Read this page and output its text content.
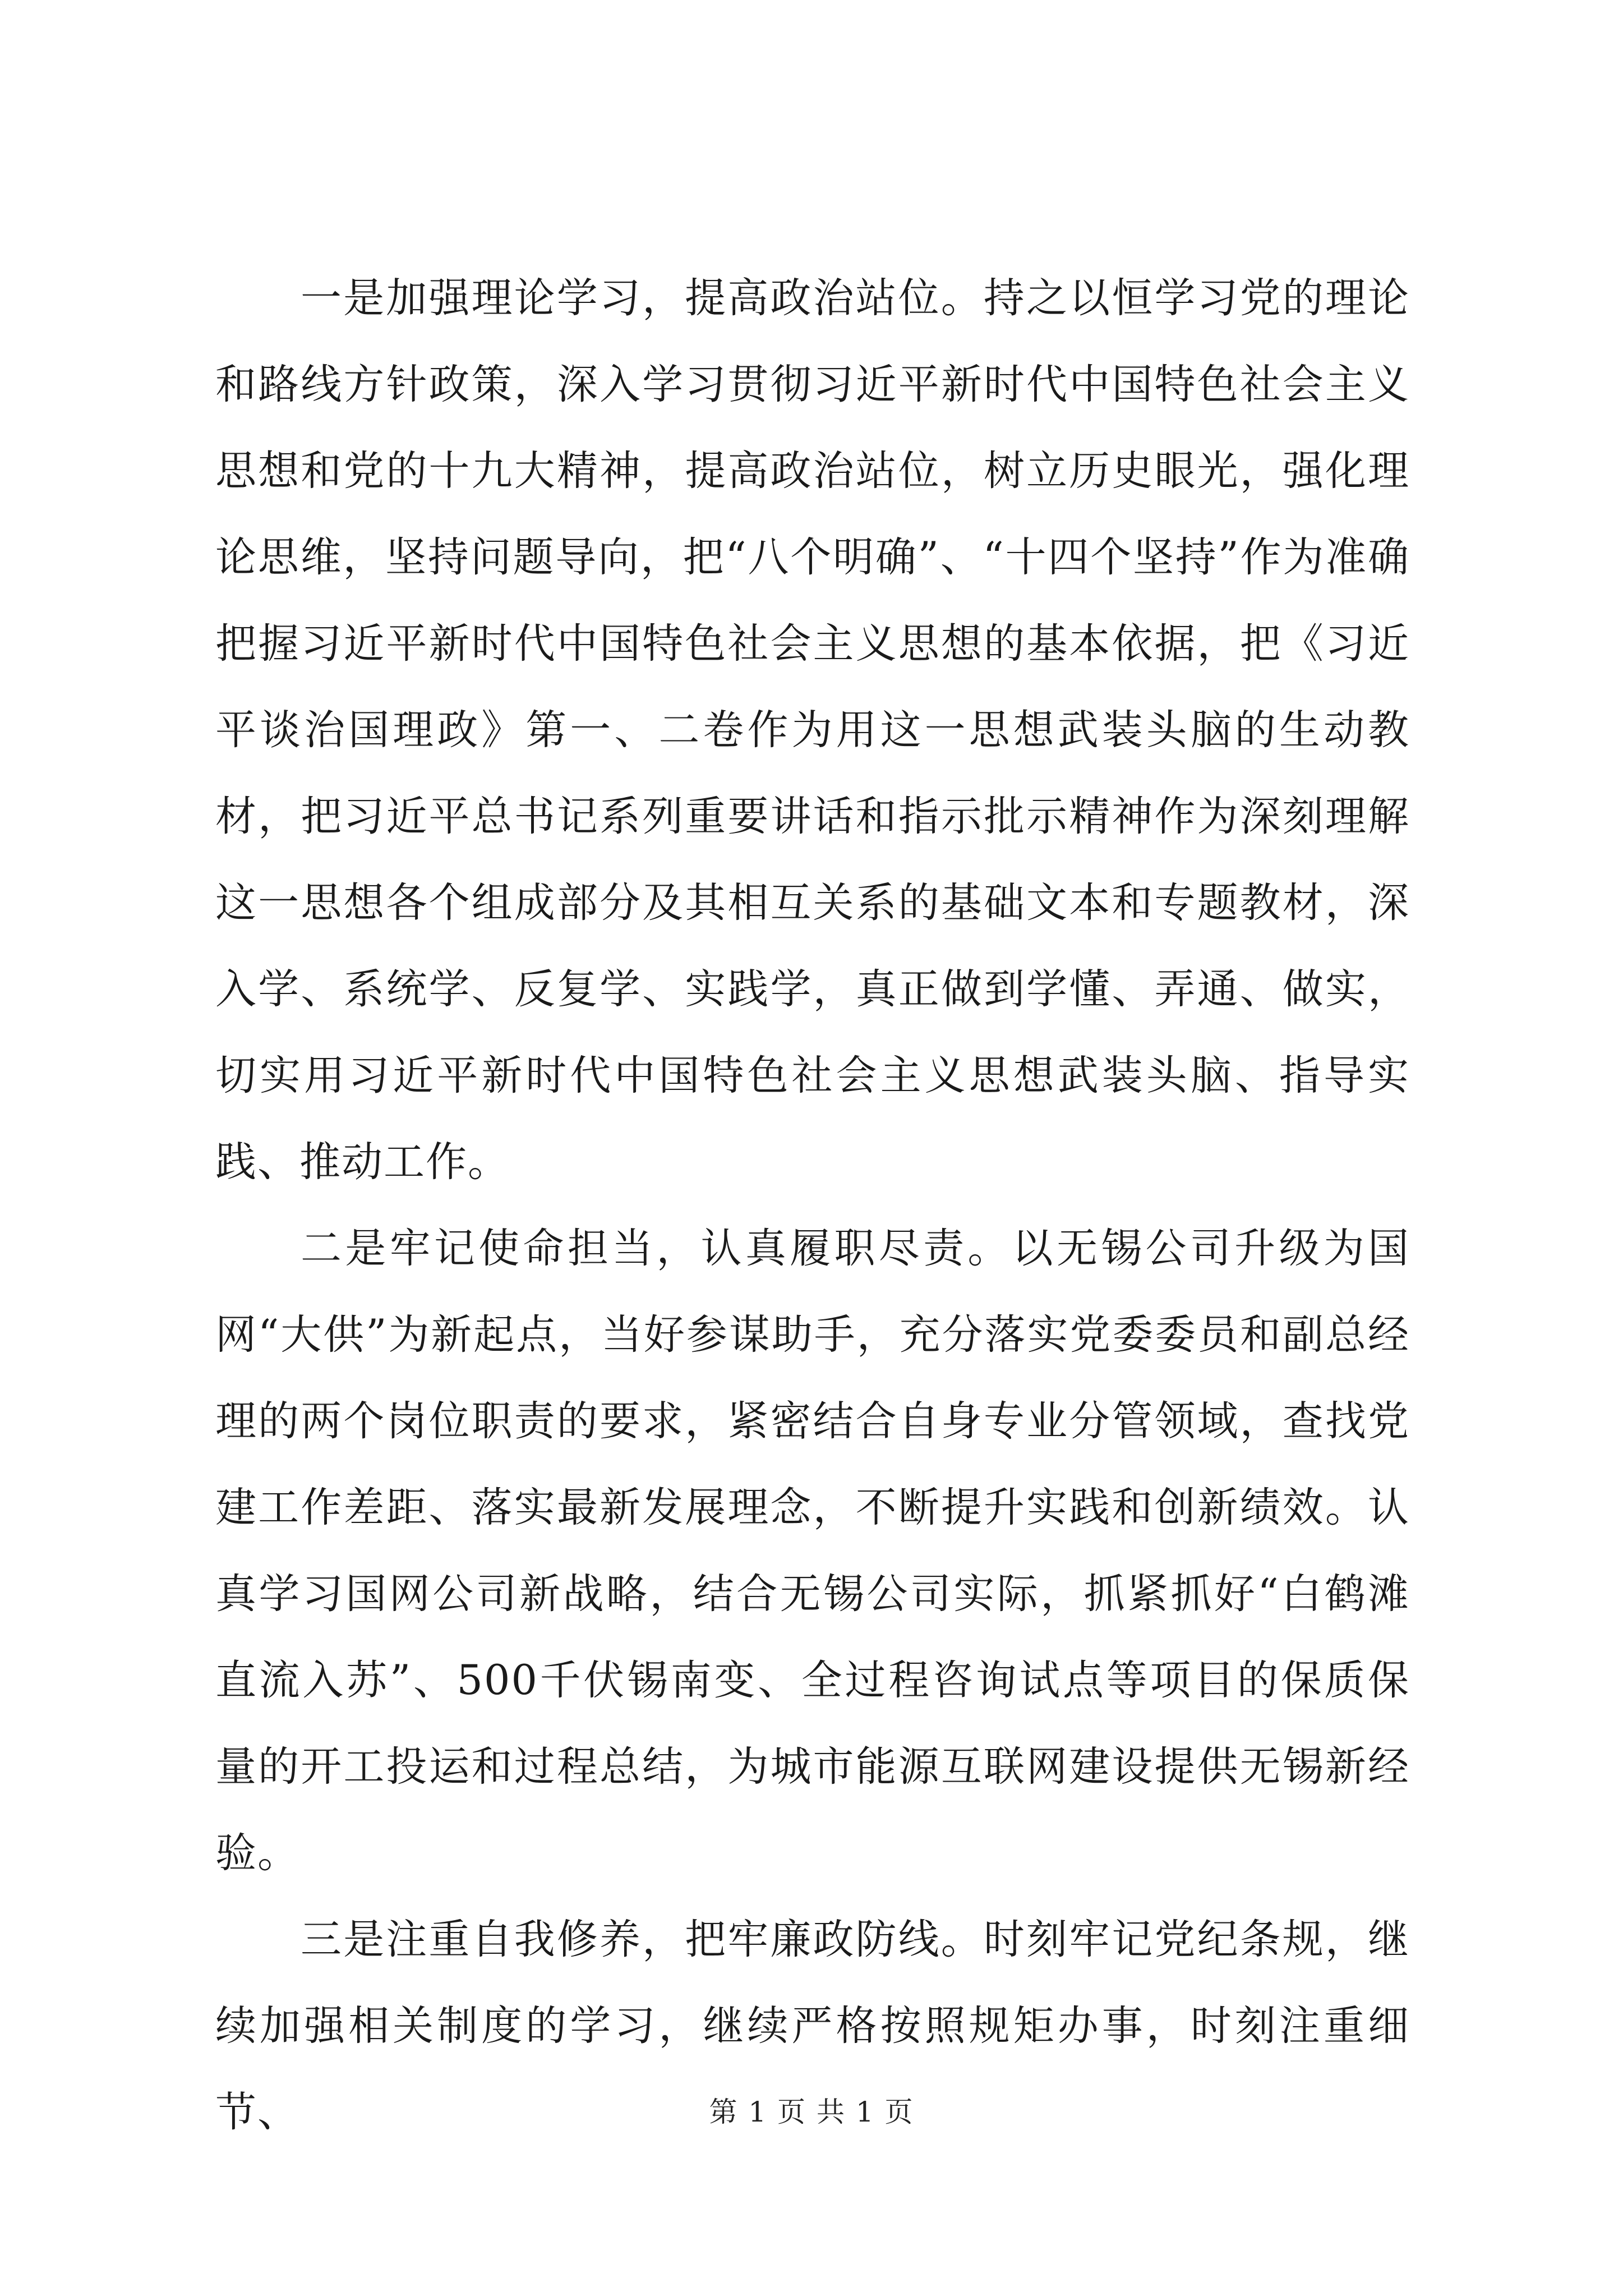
一是加强理论学习，提高政治站位。持之以恒学习党的理论和路线方针政策，深入学习贯彻习近平新时代中国特色社会主义思想和党的十九大精神，提高政治站位，树立历史眼光，强化理论思维，坚持问题导向，把“八个明确”、“十四个坚持”作为准确把握习近平新时代中国特色社会主义思想的基本依据，把《习近平谈治国理政》第一、二卷作为用这一思想武装头脑的生动教材，把习近平总书记系列重要讲话和指示批示精神作为深刻理解这一思想各个组成部分及其相互关系的基础文本和专题教材，深入学、系统学、反复学、实践学，真正做到学懂、弄通、做实，切实用习近平新时代中国特色社会主义思想武装头脑、指导实践、推动工作。

二是牢记使命担当，认真履职尽责。以无锡公司升级为国网“大供”为新起点，当好参谋助手，充分落实党委委员和副总经理的两个岗位职责的要求，紧密结合自身专业分管领域，查找党建工作差距、落实最新发展理念，不断提升实践和创新绩效。认真学习国网公司新战略，结合无锡公司实际，抓紧抓好“白鹤滩直流入苏”、500千伏锡南变、全过程咨询试点等项目的保质保量的开工投运和过程总结，为城市能源互联网建设提供无锡新经验。

三是注重自我修养，把牢廉政防线。时刻牢记党纪条规，继续加强相关制度的学习，继续严格按照规矩办事，时刻注重细节、	第 1 页 共 1 页
